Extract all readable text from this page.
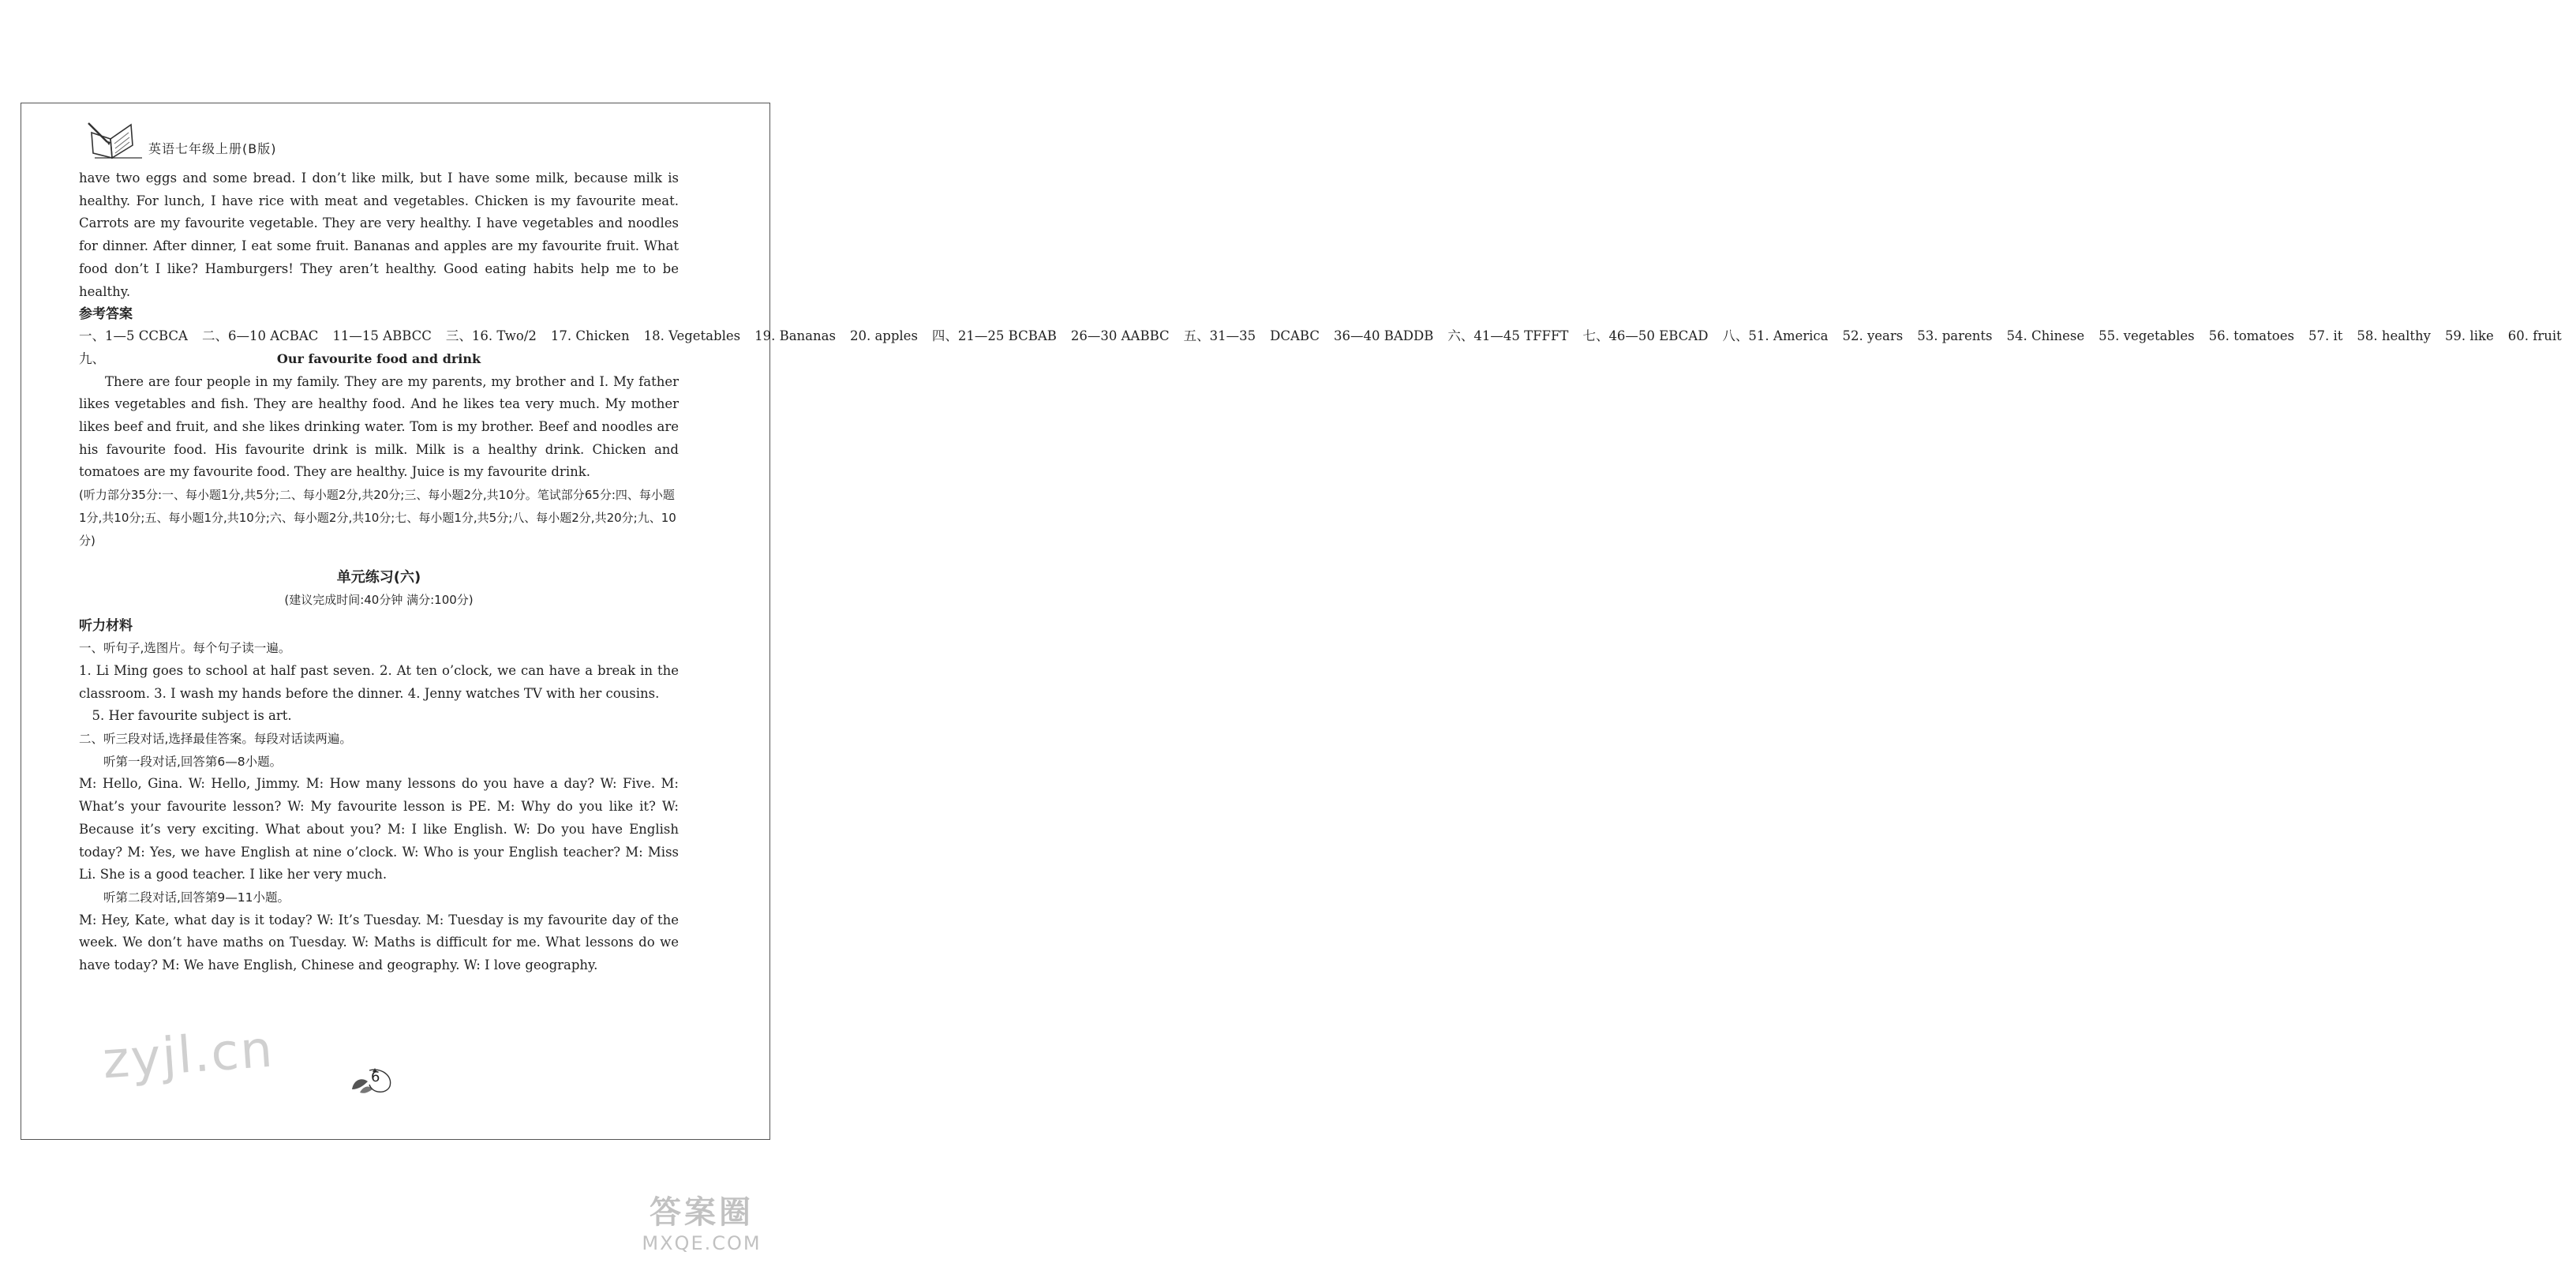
英语七年级上册(B版)

have two eggs and some bread. I don’t like milk, but I have some milk, because milk is healthy. For lunch, I have rice with meat and vegetables. Chicken is my favourite meat. Carrots are my favourite vegetable. They are very healthy. I have vegetables and noodles for dinner. After dinner, I eat some fruit. Bananas and apples are my favourite fruit. What food don’t I like? Hamburgers! They aren’t healthy. Good eating habits help me to be healthy.

参考答案
一、1—5 CCBCA 二、6—10 ACBAC 11—15 ABBCC 三、16. Two/2 17. Chicken 18. Vegetables 19. Bananas 20. apples 四、21—25 BCBAB 26—30 AABBC 五、31—35 DCABC 36—40 BADDB 六、41—45 TFFFT 七、46—50 EBCAD 八、51. America 52. years 53. parents 54. Chinese 55. vegetables 56. tomatoes 57. it 58. healthy 59. like 60. fruit
九、	Our favourite food and drink

There are four people in my family. They are my parents, my brother and I. My father likes vegetables and fish. They are healthy food. And he likes tea very much. My mother likes beef and fruit, and she likes drinking water. Tom is my brother. Beef and noodles are his favourite food. His favourite drink is milk. Milk is a healthy drink. Chicken and tomatoes are my favourite food. They are healthy. Juice is my favourite drink.

(听力部分35分:一、每小题1分,共5分;二、每小题2分,共20分;三、每小题2分,共10分。笔试部分65分:四、每小题1分,共10分;五、每小题1分,共10分;六、每小题2分,共10分;七、每小题1分,共5分;八、每小题2分,共20分;九、10分)

单元练习(六)
(建议完成时间:40分钟 满分:100分)
听力材料

一、听句子,选图片。每个句子读一遍。

1. Li Ming goes to school at half past seven. 2. At ten o’clock, we can have a break in the classroom. 3. I wash my hands before the dinner. 4. Jenny watches TV with her cousins.

5. Her favourite subject is art.

二、听三段对话,选择最佳答案。每段对话读两遍。

听第一段对话,回答第6—8小题。

M: Hello, Gina. W: Hello, Jimmy. M: How many lessons do you have a day? W: Five. M: What’s your favourite lesson? W: My favourite lesson is PE. M: Why do you like it? W: Because it’s very exciting. What about you? M: I like English. W: Do you have English today? M: Yes, we have English at nine o’clock. W: Who is your English teacher? M: Miss Li. She is a good teacher. I like her very much.

听第二段对话,回答第9—11小题。

M: Hey, Kate, what day is it today? W: It’s Tuesday. M: Tuesday is my favourite day of the week. We don’t have maths on Tuesday. W: Maths is difficult for me. What lessons do we have today? M: We have English, Chinese and geography. W: I love geography.

zyjl.cn	6
答案圈
MXQE.COM
